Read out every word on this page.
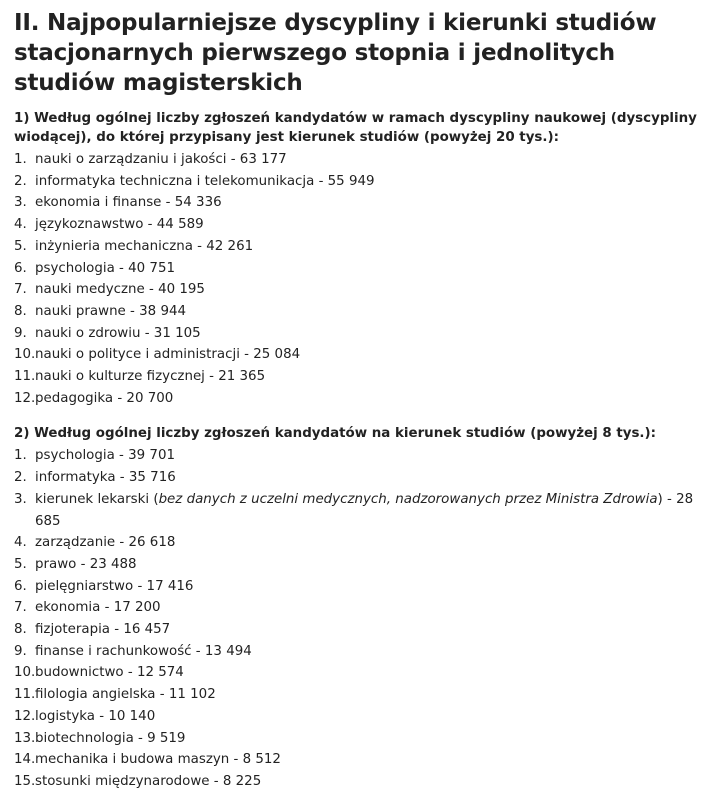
II. Najpopularniejsze dyscypliny i kierunki studiów stacjonarnych pierwszego stopnia i jednolitych studiów magisterskich
1) Według ogólnej liczby zgłoszeń kandydatów w ramach dyscypliny naukowej (dyscypliny wiodącej), do której przypisany jest kierunek studiów (powyżej 20 tys.):
1. nauki o zarządzaniu i jakości - 63 177
2. informatyka techniczna i telekomunikacja - 55 949
3. ekonomia i finanse - 54 336
4. językoznawstwo - 44 589
5. inżynieria mechaniczna - 42 261
6. psychologia - 40 751
7. nauki medyczne - 40 195
8. nauki prawne - 38 944
9. nauki o zdrowiu - 31 105
10. nauki o polityce i administracji - 25 084
11. nauki o kulturze fizycznej - 21 365
12. pedagogika - 20 700
2) Według ogólnej liczby zgłoszeń kandydatów na kierunek studiów (powyżej 8 tys.):
1. psychologia - 39 701
2. informatyka - 35 716
3. kierunek lekarski (bez danych z uczelni medycznych, nadzorowanych przez Ministra Zdrowia) - 28 685
4. zarządzanie - 26 618
5. prawo - 23 488
6. pielęgniarstwo - 17 416
7. ekonomia - 17 200
8. fizjoterapia - 16 457
9. finanse i rachunkowość - 13 494
10. budownictwo - 12 574
11. filologia angielska - 11 102
12. logistyka - 10 140
13. biotechnologia - 9 519
14. mechanika i budowa maszyn - 8 512
15. stosunki międzynarodowe - 8 225
